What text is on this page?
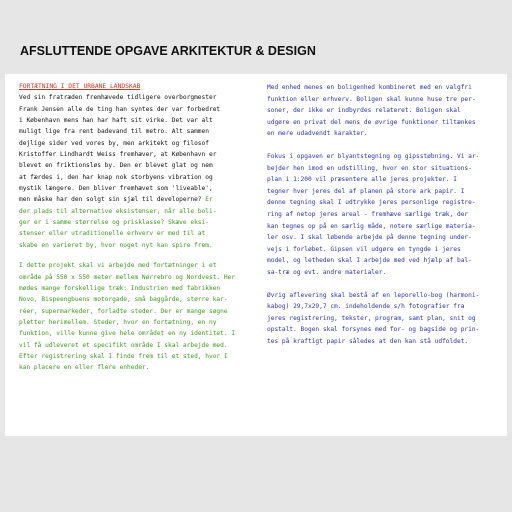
AFSLUTTENDE OPGAVE ARKITEKTUR & DESIGN

FORTÆTNING I DET URBANE LANDSKAB

Ved sin fratræden fremhævede tidligere overborgmester
Frank Jensen alle de ting han syntes der var forbedret
i København mens han har haft sit virke. Det var alt
muligt lige fra rent badevand til metro. Alt sammen
dejlige sider ved vores by, men arkitekt og filosof
Kristoffer Lindhardt Weiss fremhæver, at København er
blevet en friktionsløs by. Den er blevet glat og nem
at færdes i, den har knap nok storbyens vibration og
mystik længere. Den bliver fremhævet som 'liveable',
men måske har den solgt sin sjæl til developerne? Er
der plads til alternative eksistenser, når alle boli-
ger er i samme størrelse og prisklasse? Skæve eksi-
stenser eller utraditionelle erhverv er med til at
skabe en varieret by, hvor noget nyt kan spire frem.

I dette projekt skal vi arbejde med fortætninger i et
område på 550 x 550 meter mellem Nørrebro og Nordvest. Her
mødes mange forskellige træk: Industrien med fabrikken
Novo, Bispeengbuens motorgade, små baggårde, større kar-
réer, supermarkeder, forladte steder. Der er mange søgne
pletter herimellem. Steder, hvor en fortætning, en ny
funktion, ville kunne give hele området en ny identitet. I
vil få udleveret et specifikt område I skal arbejde med.
Efter registrering skal I finde frem til et sted, hvor I
kan placere en eller flere enheder.

Med enhed menes en boligenhed kombineret med en valgfri
funktion eller erhverv. Boligen skal kunne huse tre per-
soner, der ikke er indbyrdes relateret. Boligen skal
udgøre en privat del mens de øvrige funktioner tiltænkes
en mere udadvendt karakter.

Fokus i opgaven er blyantstegning og gipsstøbning. Vi ar-
bejder hen imod en udstilling, hvor en stor situations-
plan i 1:200 vil præsentere alle jeres projekter. I
tegner hver jeres del af planen på store ark papir. I
denne tegning skal I udtrykke jeres personlige registre-
ring af netop jeres areal - fremhæve særlige træk, der
kan tegnes op på en særlig måde, notere særlige materia-
ler osv. I skal løbende arbejde på denne tegning under-
vejs i forløbet. Gipsen vil udgøre en tyngde i jeres
model, og letheden skal I arbejde med ved hjælp af bal-
sa-træ og evt. andre materialer.

Øvrig aflevering skal bestå af en leporello-bog (harmoni-
kabog) 29,7x29,7 cm. indeholdende s/h fotografier fra
jeres registrering, tekster, program, samt plan, snit og
opstalt. Bogen skal forsynes med for- og bagside og prin-
tes på kraftigt papir således at den kan stå udfoldet.
